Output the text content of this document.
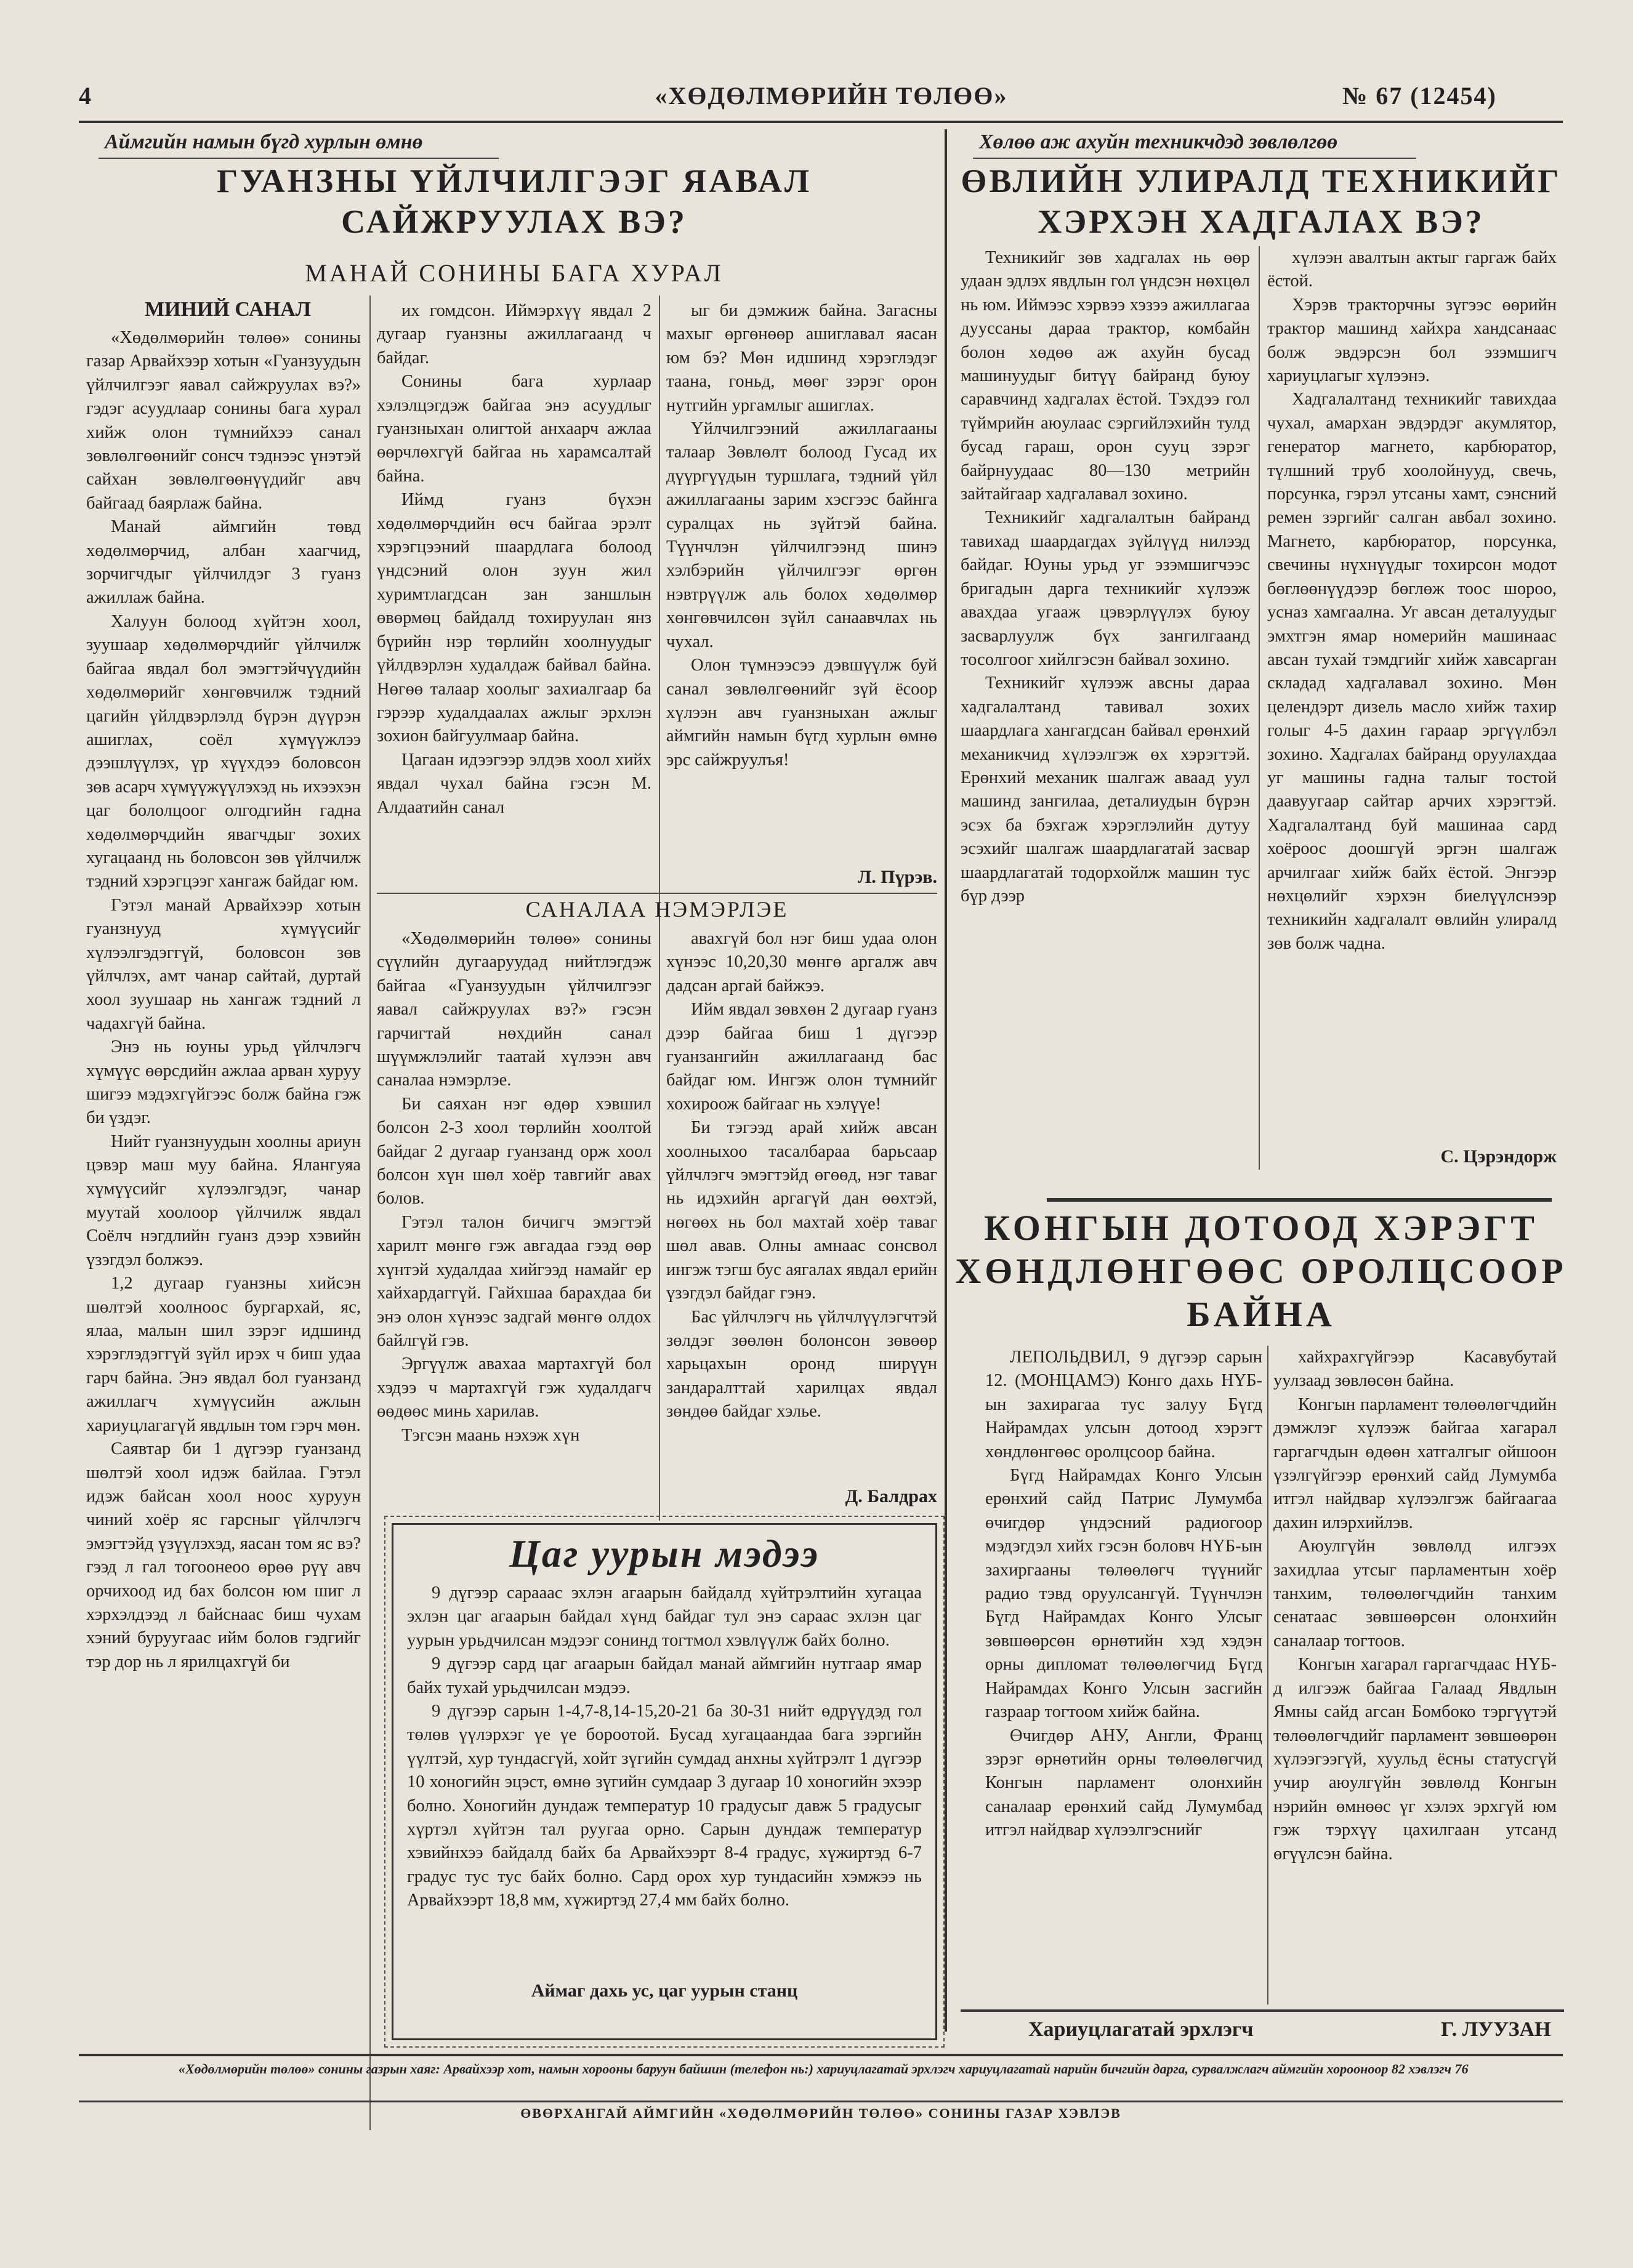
4	«ХӨДӨЛМӨРИЙН ТӨЛӨӨ»	№ 67 (12454)
Аймгийн намын бүгд хурлын өмнө
ГУАНЗНЫ ҮЙЛЧИЛГЭЭГ ЯАВАЛ
САЙЖРУУЛАХ ВЭ?
МАНАЙ СОНИНЫ БАГА ХУРАЛ
МИНИЙ САНАЛ

«Хөдөлмөрийн төлөө» сонины газар Арвайхээр хотын «Гуанзуудын үйлчилгээг яавал сайжруулах вэ?» гэдэг асуудлаар сонины бага хурал хийж олон түмнийхээ санал зөвлөлгөөнийг сонсч тэднээс үнэтэй сайхан зөвлөлгөөнүүдийг авч байгаад баярлаж байна.

Манай аймгийн төвд хөдөлмөрчид, албан хаагчид, зорчигчдыг үйлчилдэг 3 гуанз ажиллаж байна.

Халуун болоод хүйтэн хоол, зуушаар хөдөлмөрчдийг үйлчилж байгаа явдал бол эмэгтэйчүүдийн хөдөлмөрийг хөнгөвчилж тэдний цагийн үйлдвэрлэлд бүрэн дүүрэн ашиглах, соёл хүмүүжлээ дээшлүүлэх, үр хүүхдээ боловсон зөв асарч хүмүүжүүлэхэд нь ихээхэн цаг бололцоог олгодгийн гадна хөдөлмөрчдийн явагчдыг зохих хугацаанд нь боловсон зөв үйлчилж тэдний хэрэгцээг хангаж байдаг юм.

Гэтэл манай Арвайхээр хотын гуанзнууд хүмүүсийг хүлээлгэдэггүй, боловсон зөв үйлчлэх, амт чанар сайтай, дуртай хоол зуушаар нь хангаж тэдний л чадахгүй байна.

Энэ нь юуны урьд үйлчлэгч хүмүүс өөрсдийн ажлаа арван хуруу шигээ мэдэхгүйгээс болж байна гэж би үздэг.

Нийт гуанзнуудын хоолны ариун цэвэр маш муу байна. Ялангуяа хүмүүсийг хүлээлгэдэг, чанар муутай хоолоор үйлчилж явдал Соёлч нэгдлийн гуанз дээр хэвийн үзэгдэл болжээ.

1,2 дугаар гуанзны хийсэн шөлтэй хоолноос бургархай, яс, ялаа, малын шил зэрэг идшинд хэрэглэдэггүй зүйл ирэх ч биш удаа гарч байна. Энэ явдал бол гуанзанд ажиллагч хүмүүсийн ажлын хариуцлагагүй явдлын том гэрч мөн.

Саявтар би 1 дүгээр гуанзанд шөлтэй хоол идэж байлаа. Гэтэл идэж байсан хоол ноос хуруун чиний хоёр яс гарсныг үйлчлэгч эмэгтэйд үзүүлэхэд, яасан том яс вэ? гээд л гал тогоонеоо өрөө рүү авч орчихоод ид бах болсон юм шиг л хэрхэлдээд л байснаас биш чухам хэний буруугаас ийм болов гэдгийг тэр дор нь л ярилцахгүй би

их гомдсон. Иймэрхүү явдал 2 дугаар гуанзны ажиллагаанд ч байдаг.

Сонины бага хурлаар хэлэлцэгдэж байгаа энэ асуудлыг гуанзныхан олигтой анхаарч ажлаа өөрчлөхгүй байгаа нь харамсалтай байна.

Иймд гуанз бүхэн хөдөлмөрчдийн өсч байгаа эрэлт хэрэгцээний шаардлага болоод үндсэний олон зуун жил хуримтлагдсан зан заншлын өвөрмөц байдалд тохируулан янз бүрийн нэр төрлийн хоолнуудыг үйлдвэрлэн худалдаж байвал байна. Нөгөө талаар хоолыг захиалгаар ба гэрээр худалдаалах ажлыг эрхлэн зохион байгуулмаар байна.

Цагаан идээгээр элдэв хоол хийх явдал чухал байна гэсэн М. Алдаатийн санал

ыг би дэмжиж байна. Загасны махыг өргөнөөр ашиглавал яасан юм бэ? Мөн идшинд хэрэглэдэг таана, гоньд, мөөг зэрэг орон нутгийн ургамлыг ашиглах.

Үйлчилгээний ажиллагааны талаар Зөвлөлт болоод Гусад их дүүргүүдын туршлага, тэдний үйл ажиллагааны зарим хэсгээс байнга суралцах нь зүйтэй байна. Түүнчлэн үйлчилгээнд шинэ хэлбэрийн үйлчилгээг өргөн нэвтрүүлж аль болох хөдөлмөр хөнгөвчилсөн зүйл санаавчлах нь чухал.

Олон түмнээсээ дэвшүүлж буй санал зөвлөлгөөнийг зүй ёсоор хүлээн авч гуанзныхан ажлыг аймгийн намын бүгд хурлын өмнө эрс сайжруулъя!

Л. Пүрэв.
САНАЛАА НЭМЭРЛЭЕ

«Хөдөлмөрийн төлөө» сонины сүүлийн дугааруудад нийтлэгдэж байгаа «Гуанзуудын үйлчилгээг яавал сайжруулах вэ?» гэсэн гарчигтай нөхдийн санал шүүмжлэлийг таатай хүлээн авч саналаа нэмэрлэе.

Би саяхан нэг өдөр хэвшил болсон 2-3 хоол төрлийн хоолтой байдаг 2 дугаар гуанзанд орж хоол болсон хүн шөл хоёр тавгийг авах болов.

Гэтэл талон бичигч эмэгтэй харилт мөнгө гэж авгадаа гээд өөр хүнтэй худалдаа хийгээд намайг ер хайхардаггүй. Гайхшаа барахдаа би энэ олон хүнээс задгай мөнгө олдох байлгүй гэв.

Эргүүлж авахаа мартахгүй бол хэдээ ч мартахгүй гэж худалдагч өөдөөс минь харилав.

Тэгсэн маань нэхэж хүн

авахгүй бол нэг биш удаа олон хүнээс 10,20,30 мөнгө аргалж авч дадсан аргай байжээ.

Ийм явдал зөвхөн 2 дугаар гуанз дээр байгаа биш 1 дүгээр гуанзангийн ажиллагаанд бас байдаг юм. Ингэж олон түмнийг хохироож байгааг нь хэлүүе!

Би тэгээд арай хийж авсан хоолныхоо тасалбараа барьсаар үйлчлэгч эмэгтэйд өгөөд, нэг таваг нь идэхийн аргагүй дан өөхтэй, нөгөөх нь бол махтай хоёр таваг шөл авав. Олны амнаас сонсвол ингэж тэгш бус аягалах явдал ерийн үзэгдэл байдаг гэнэ.

Бас үйлчлэгч нь үйлчлүүлэгчтэй зөлдэг зөөлөн болонсон зөвөөр харьцахын оронд ширүүн зандаралттай харилцах явдал зөндөө байдаг хэлье.

Д. Балдрах
Цаг уурын мэдээ

9 дүгээр сарааас эхлэн агаарын байдалд хүйтрэлтийн хугацаа эхлэн цаг агаарын байдал хүнд байдаг тул энэ сараас эхлэн цаг уурын урьдчилсан мэдээг сонинд тогтмол хэвлүүлж байх болно.

9 дүгээр сард цаг агаарын байдал манай аймгийн нутгаар ямар байх тухай урьдчилсан мэдээ.

9 дүгээр сарын 1-4,7-8,14-15,20-21 ба 30-31 нийт өдрүүдэд гол төлөв үүлэрхэг үе үе бороотой. Бусад хугацаандаа бага зэргийн үүлтэй, хур тундасгүй, хойт зүгийн сумдад анхны хүйтрэлт 1 дүгээр 10 хоногийн эцэст, өмнө зүгийн сумдаар 3 дугаар 10 хоногийн эхээр болно. Хоногийн дундаж температур 10 градусыг давж 5 градусыг хүртэл хүйтэн тал руугаа орно. Сарын дундаж температур хэвийнхээ байдалд байх ба Арвайхээрт 8-4 градус, хүжиртэд 6-7 градус тус тус байх болно. Сард орох хур тундасийн хэмжээ нь Арвайхээрт 18,8 мм, хүжиртэд 27,4 мм байх болно.

Аймаг дахь ус, цаг уурын станц
Хөлөө аж ахуйн техникчдэд зөвлөлгөө
ӨВЛИЙН УЛИРАЛД ТЕХНИКИЙГ
ХЭРХЭН ХАДГАЛАХ ВЭ?

Техникийг зөв хадгалах нь өөр удаан эдлэх явдлын гол үндсэн нөхцөл нь юм. Иймээс хэрвээ хэзээ ажиллагаа дууссаны дараа трактор, комбайн болон хөдөө аж ахуйн бусад машинуудыг битүү байранд буюу саравчинд хадгалах ёстой. Тэхдээ гол түймрийн аюулаас сэргийлэхийн тулд бусад гараш, орон сууц зэрэг байрнуудаас 80—130 метрийн зайтайгаар хадгалавал зохино.

Техникийг хадгалалтын байранд тавихад шаардагдах зүйлүүд нилээд байдаг. Юуны урьд уг эзэмшигчээс бригадын дарга техникийг хүлээж авахдаа угааж цэвэрлүүлэх буюу засварлуулж бүх зангилгаанд тосолгоог хийлгэсэн байвал зохино.

Техникийг хүлээж авсны дараа хадгалалтанд тавивал зохих шаардлага хангагдсан байвал ерөнхий механикчид хүлээлгэж өх хэрэгтэй. Ерөнхий механик шалгаж аваад уул машинд зангилаа, деталиудын бүрэн эсэх ба бэхгаж хэрэглэлийн дутуу эсэхийг шалгаж шаардлагатай засвар шаардлагатай тодорхойлж машин тус бүр дээр

хүлээн авалтын актыг гаргаж байх ёстой.

Хэрэв тракторчны зүгээс өөрийн трактор машинд хайхра хандсанаас болж эвдэрсэн бол эзэмшигч хариуцлагыг хүлээнэ.

Хадгалалтанд техникийг тавихдаа чухал, амархан эвдэрдэг акумлятор, генератор магнето, карбюратор, түлшний труб хоолойнууд, свечь, порсунка, гэрэл утсаны хамт, сэнсний ремен зэргийг салган авбал зохино. Магнето, карбюратор, порсунка, свечины нүхнүүдыг тохирсон модот бөглөөнүүдээр бөглөж тоос шороо, усназ хамгаална. Уг авсан деталуудыг эмхтгэн ямар номерийн машинаас авсан тухай тэмдгийг хийж хавсарган складад хадгалавал зохино. Мөн целендэрт дизель масло хийж тахир голыг 4-5 дахин гараар эргүүлбэл зохино. Хадгалах байранд оруулахдаа уг машины гадна талыг тостой даавуугаар сайтар арчих хэрэгтэй. Хадгалалтанд буй машинаа сард хоёроос доошгүй эргэн шалгаж арчилгааг хийж байх ёстой. Энгээр нөхцөлийг хэрхэн биелүүлснээр техникийн хадгалалт өвлийн улиралд зөв болж чадна.

С. Цэрэндорж
КОНГЫН ДОТООД ХЭРЭГТ
ХӨНДЛӨНГӨӨС ОРОЛЦСООР
БАЙНА

ЛЕПОЛЬДВИЛ, 9 дүгээр сарын 12. (МОНЦАМЭ) Конго дахь НҮБ-ын захирагаа тус залуу Бүгд Найрамдах улсын дотоод хэрэгт хөндлөнгөөс оролцсоор байна.

Бүгд Найрамдах Конго Улсын ерөнхий сайд Патрис Лумумба өчигдөр үндэсний радиогоор мэдэгдэл хийх гэсэн боловч НҮБ-ын захиргааны төлөөлөгч түүнийг радио тэвд оруулсангүй. Түүнчлэн Бүгд Найрамдах Конго Улсыг зөвшөөрсөн өрнөтийн хэд хэдэн орны дипломат төлөөлөгчид Бүгд Найрамдах Конго Улсын засгийн газраар тогтоом хийж байна.

Өчигдөр АНУ, Англи, Франц зэрэг өрнөтийн орны төлөөлөгчид Конгын парламент олонхийн саналаар ерөнхий сайд Лумумбад итгэл найдвар хүлээлгэснийг

хайхрахгүйгээр Касавубутай уулзаад зөвлөсөн байна.

Конгын парламент төлөөлөгчдийн дэмжлэг хүлээж байгаа хагарал гаргагчдын өдөөн хатгалгыг ойшоон үзэлгүйгээр ерөнхий сайд Лумумба итгэл найдвар хүлээлгэж байгаагаа дахин илэрхийлэв.

Аюулгүйн зөвлөлд илгээх захидлаа утсыг парламентын хоёр танхим, төлөөлөгчдийн танхим сенатаас зөвшөөрсөн олонхийн саналаар тогтоов.

Конгын хагарал гаргагчдаас НҮБ-д илгээж байгаа Галаад Явдлын Ямны сайд агсан Бомбоко тэргүүтэй төлөөлөгчдийг парламент зөвшөөрөн хүлээгээгүй, хуульд ёсны статусгүй учир аюулгүйн зөвлөлд Конгын нэрийн өмнөөс үг хэлэх эрхгүй юм гэж тэрхүү цахилгаан утсанд өгүүлсэн байна.

Хариуцлагатай эрхлэгч	Г. ЛУУЗАН
«Хөдөлмөрийн төлөө» сонины газрын хаяг: Арвайхээр хот, намын хорооны баруун байшин (телефон нь:) хариуцлагатай эрхлэгч хариуцлагатай нарийн бичгийн дарга, сурвалжлагч аймгийн хорооноор 82 хэвлэгч 76
ӨВӨРХАНГАЙ АЙМГИЙН «ХӨДӨЛМӨРИЙН ТӨЛӨӨ» СОНИНЫ ГАЗАР ХЭВЛЭВ
